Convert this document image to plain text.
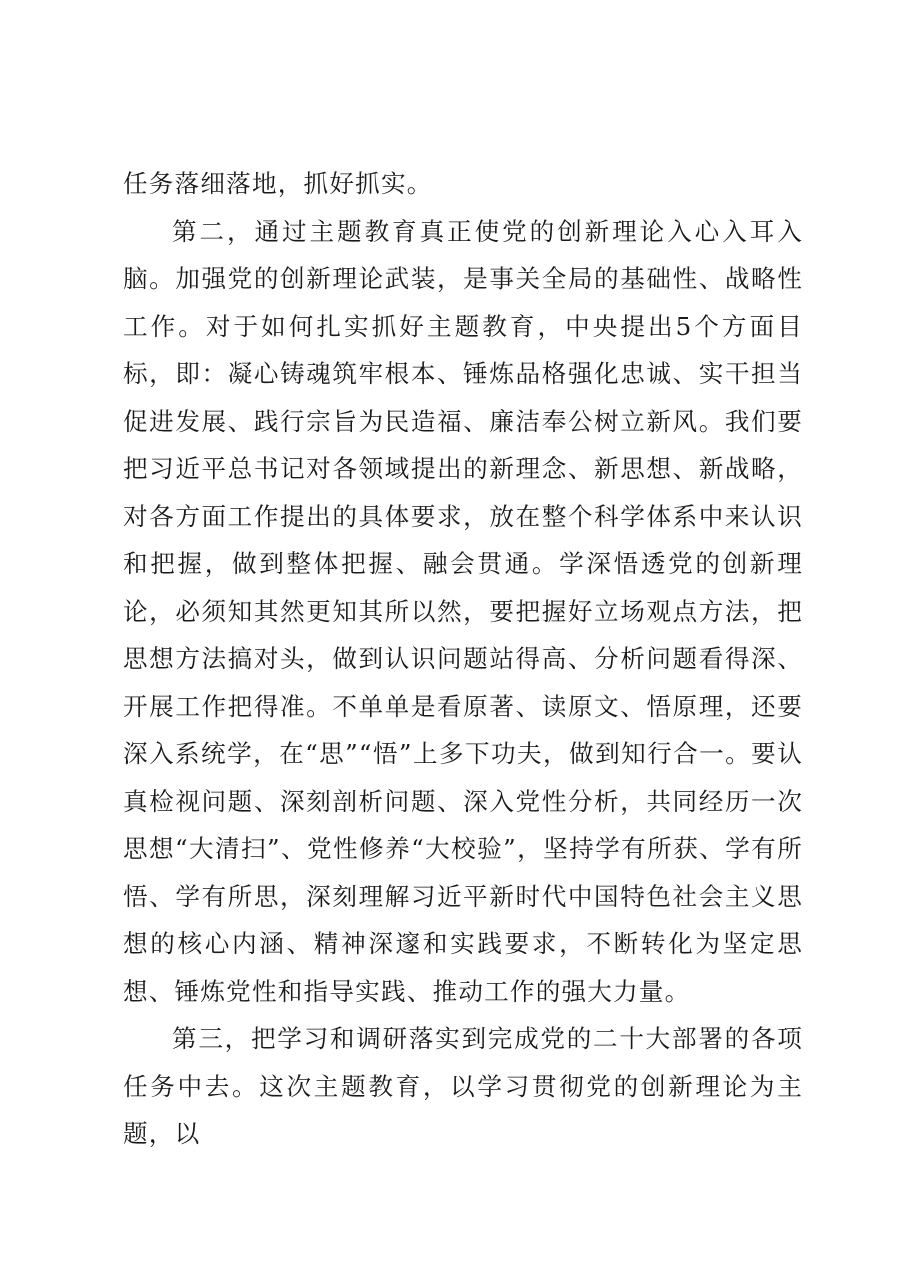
任务落细落地，抓好抓实。

第二，通过主题教育真正使党的创新理论入心入耳入脑。加强党的创新理论武装，是事关全局的基础性、战略性工作。对于如何扎实抓好主题教育，中央提出5个方面目标，即：凝心铸魂筑牢根本、锤炼品格强化忠诚、实干担当促进发展、践行宗旨为民造福、廉洁奉公树立新风。我们要把习近平总书记对各领域提出的新理念、新思想、新战略，对各方面工作提出的具体要求，放在整个科学体系中来认识和把握，做到整体把握、融会贯通。学深悟透党的创新理论，必须知其然更知其所以然，要把握好立场观点方法，把思想方法搞对头，做到认识问题站得高、分析问题看得深、开展工作把得准。不单单是看原著、读原文、悟原理，还要深入系统学，在“思”“悟”上多下功夫，做到知行合一。要认真检视问题、深刻剖析问题、深入党性分析，共同经历一次思想“大清扫”、党性修养“大校验”，坚持学有所获、学有所悟、学有所思，深刻理解习近平新时代中国特色社会主义思想的核心内涵、精神深邃和实践要求，不断转化为坚定思想、锤炼党性和指导实践、推动工作的强大力量。

第三，把学习和调研落实到完成党的二十大部署的各项任务中去。这次主题教育，以学习贯彻党的创新理论为主题，以
